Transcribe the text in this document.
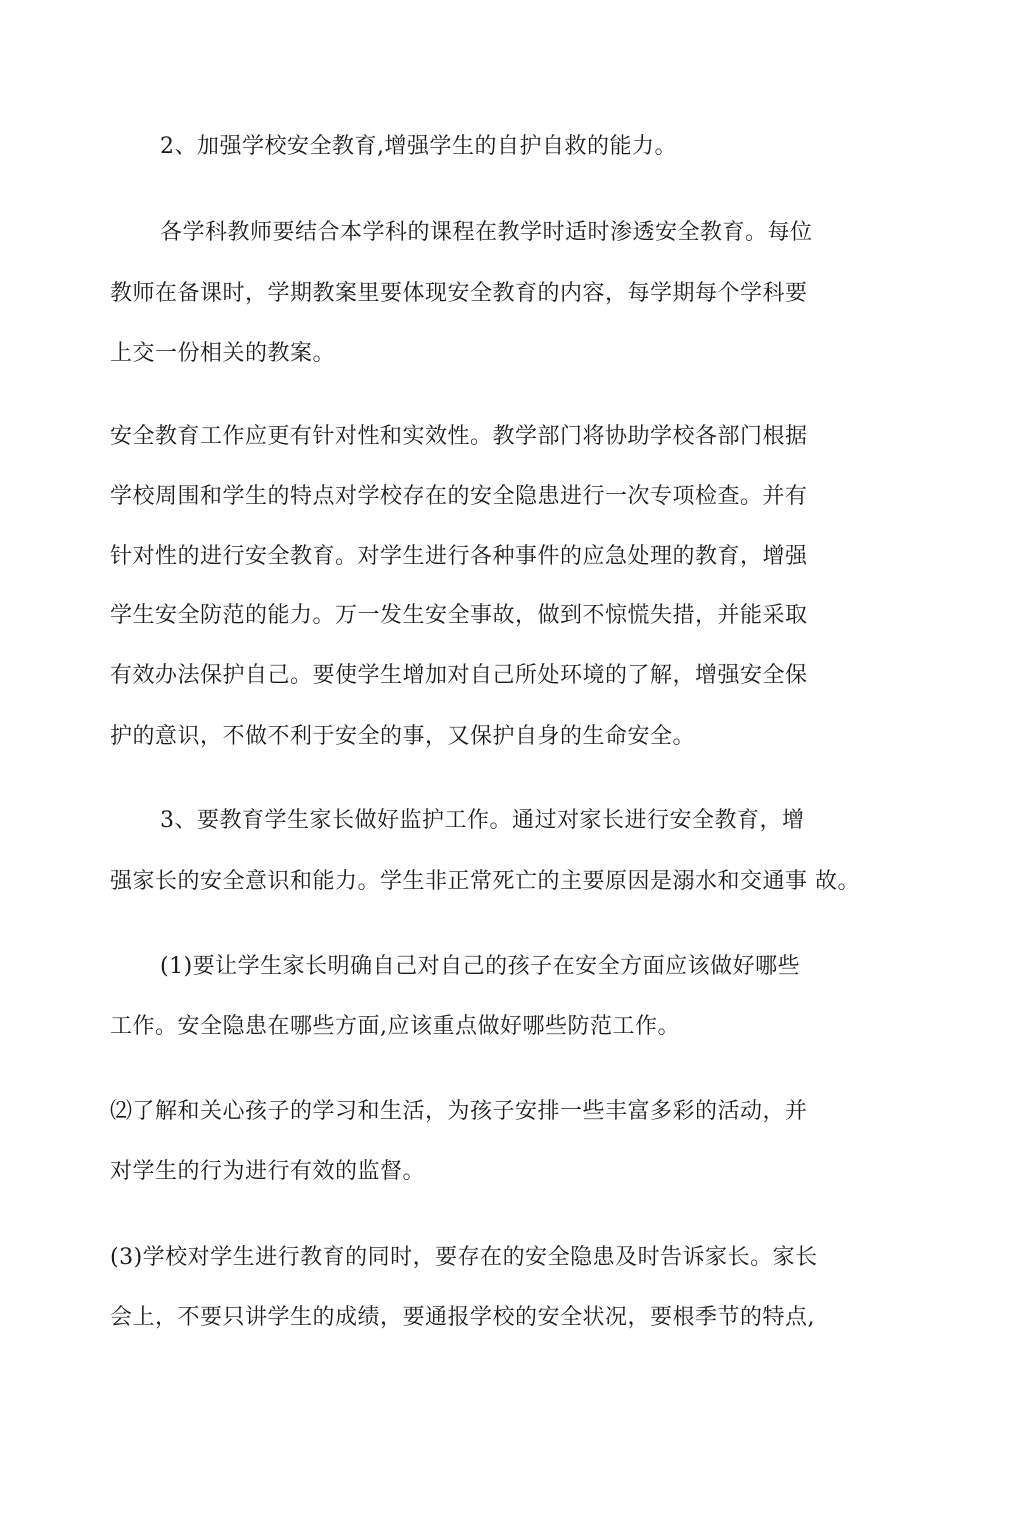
2、加强学校安全教育,增强学生的自护自救的能力。
各学科教师要结合本学科的课程在教学时适时渗透安全教育。每位
教师在备课时，学期教案里要体现安全教育的内容，每学期每个学科要
上交一份相关的教案。
安全教育工作应更有针对性和实效性。教学部门将协助学校各部门根据
学校周围和学生的特点对学校存在的安全隐患进行一次专项检查。并有
针对性的进行安全教育。对学生进行各种事件的应急处理的教育，增强
学生安全防范的能力。万一发生安全事故，做到不惊慌失措，并能采取
有效办法保护自己。要使学生增加对自己所处环境的了解，增强安全保
护的意识，不做不利于安全的事，又保护自身的生命安全。
3、要教育学生家长做好监护工作。通过对家长进行安全教育，增
强家长的安全意识和能力。学生非正常死亡的主要原因是溺水和交通事 故。
(1)要让学生家长明确自己对自己的孩子在安全方面应该做好哪些
工作。安全隐患在哪些方面,应该重点做好哪些防范工作。
⑵了解和关心孩子的学习和生活，为孩子安排一些丰富多彩的活动，并
对学生的行为进行有效的监督。
(3)学校对学生进行教育的同时，要存在的安全隐患及时告诉家长。家长
会上，不要只讲学生的成绩，要通报学校的安全状况，要根季节的特点,
